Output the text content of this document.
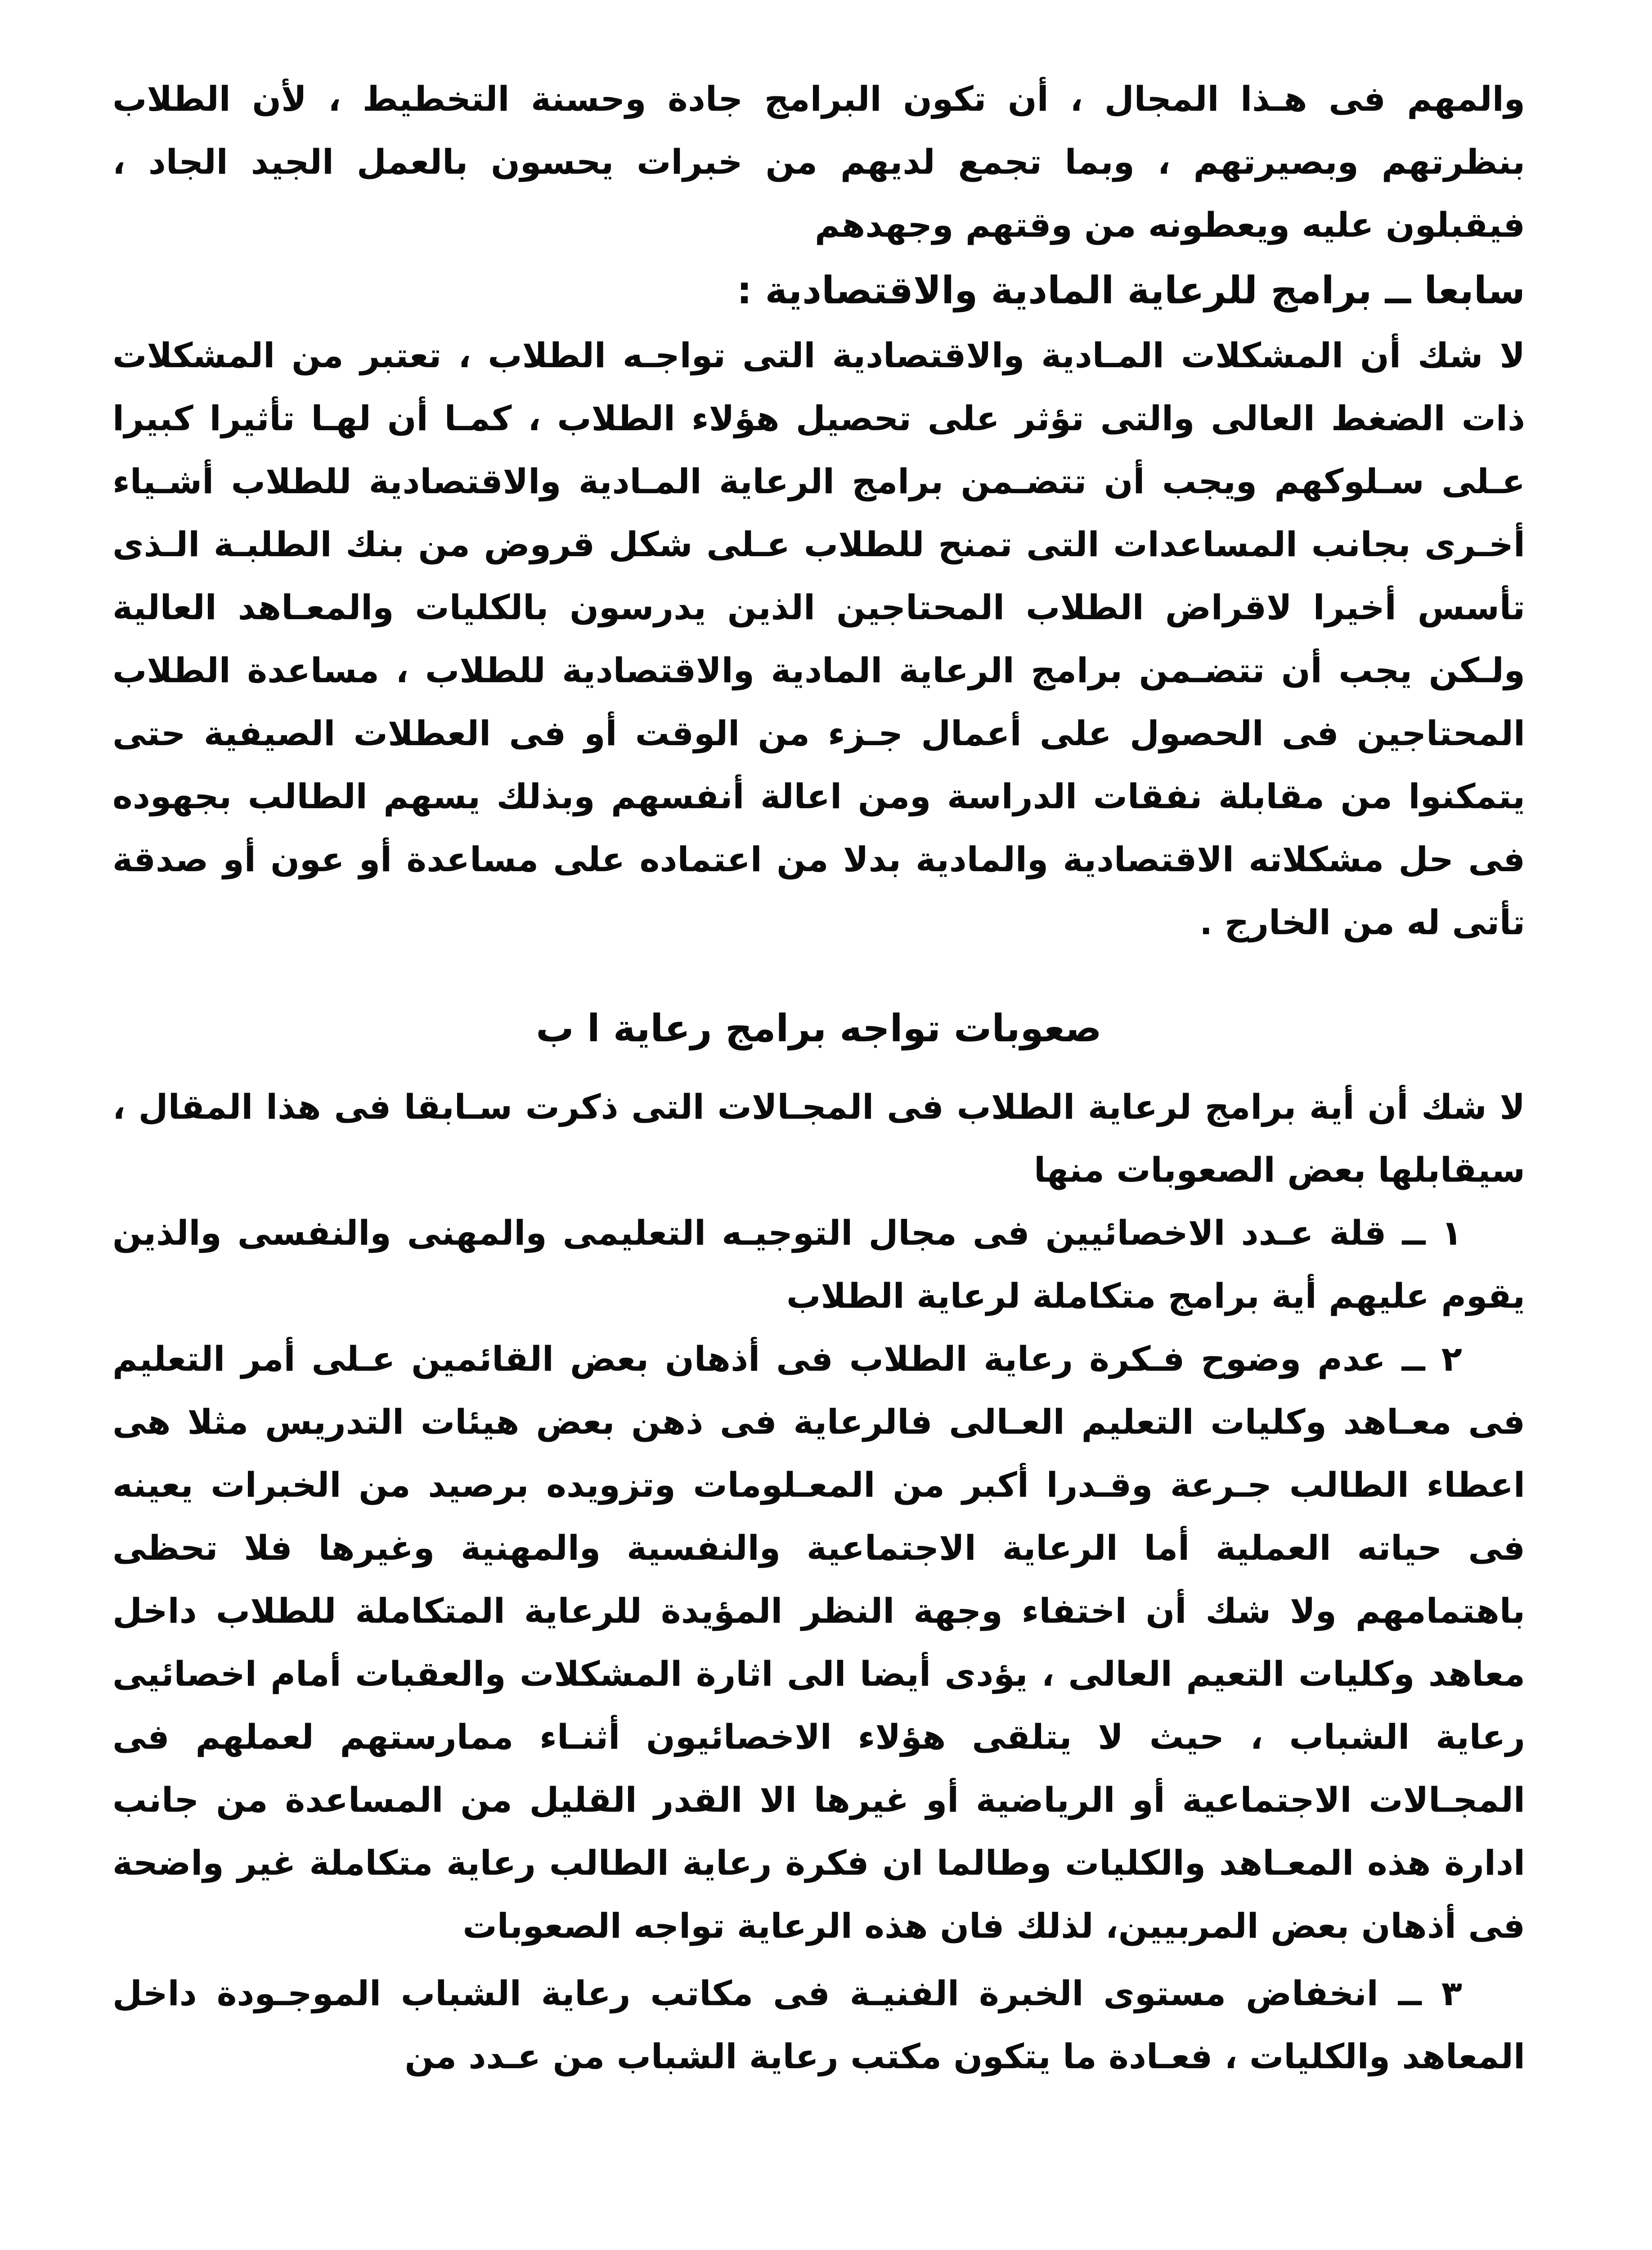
والمهم فى هـذا المجال ، أن تكون البرامج جادة وحسنة التخطيط ، لأن الطلاب بنظرتهم وبصيرتهم ، وبما تجمع لديهم من خبرات يحسون بالعمل الجيد الجاد ، فيقبلون عليه ويعطونه من وقتهم وجهدهم

سابعا ــ برامج للرعاية المادية والاقتصادية :

لا شك أن المشكلات المـادية والاقتصادية التى تواجـه الطلاب ، تعتبر من المشكلات ذات الضغط العالى والتى تؤثر على تحصيل هؤلاء الطلاب ، كمـا أن لهـا تأثيرا كبيرا عـلى سـلوكهم ويجب أن تتضـمن برامج الرعاية المـادية والاقتصادية للطلاب أشـياء أخـرى بجانب المساعدات التى تمنح للطلاب عـلى شكل قروض من بنك الطلبـة الـذى تأسس أخيرا لاقراض الطلاب المحتاجين الذين يدرسون بالكليات والمعـاهد العالية ولـكن يجب أن تتضـمن برامج الرعاية المادية والاقتصادية للطلاب ، مساعدة الطلاب المحتاجين فى الحصول على أعمال جـزء من الوقت أو فى العطلات الصيفية حتى يتمكنوا من مقابلة نفقات الدراسة ومن اعالة أنفسهم وبذلك يسهم الطالب بجهوده فى حل مشكلاته الاقتصادية والمادية بدلا من اعتماده على مساعدة أو عون أو صدقة تأتى له من الخارج .

صعوبات تواجه برامج رعاية ا ب

لا شك أن أية برامج لرعاية الطلاب فى المجـالات التى ذكرت سـابقا فى هذا المقال ، سيقابلها بعض الصعوبات منها

١ ــ قلة عـدد الاخصائيين فى مجال التوجيـه التعليمى والمهنى والنفسى والذين يقوم عليهم أية برامج متكاملة لرعاية الطلاب

٢ ــ عدم وضوح فـكرة رعاية الطلاب فى أذهان بعض القائمين عـلى أمر التعليم فى معـاهد وكليات التعليم العـالى فالرعاية فى ذهن بعض هيئات التدريس مثلا هى اعطاء الطالب جـرعة وقـدرا أكبر من المعـلومات وتزويده برصيد من الخبرات يعينه فى حياته العملية أما الرعاية الاجتماعية والنفسية والمهنية وغيرها فلا تحظى باهتمامهم ولا شك أن اختفاء وجهة النظر المؤيدة للرعاية المتكاملة للطلاب داخل معاهد وكليات التعيم العالى ، يؤدى أيضا الى اثارة المشكلات والعقبات أمام اخصائيى رعاية الشباب ، حيث لا يتلقى هؤلاء الاخصائيون أثنـاء ممارستهم لعملهم فى المجـالات الاجتماعية أو الرياضية أو غيرها الا القدر القليل من المساعدة من جانب ادارة هذه المعـاهد والكليات وطالما ان فكرة رعاية الطالب رعاية متكاملة غير واضحة فى أذهان بعض المربيين، لذلك فان هذه الرعاية تواجه الصعوبات

٣ ــ انخفاض مستوى الخبرة الفنيـة فى مكاتب رعاية الشباب الموجـودة داخل المعاهد والكليات ، فعـادة ما يتكون مكتب رعاية الشباب من عـدد من
